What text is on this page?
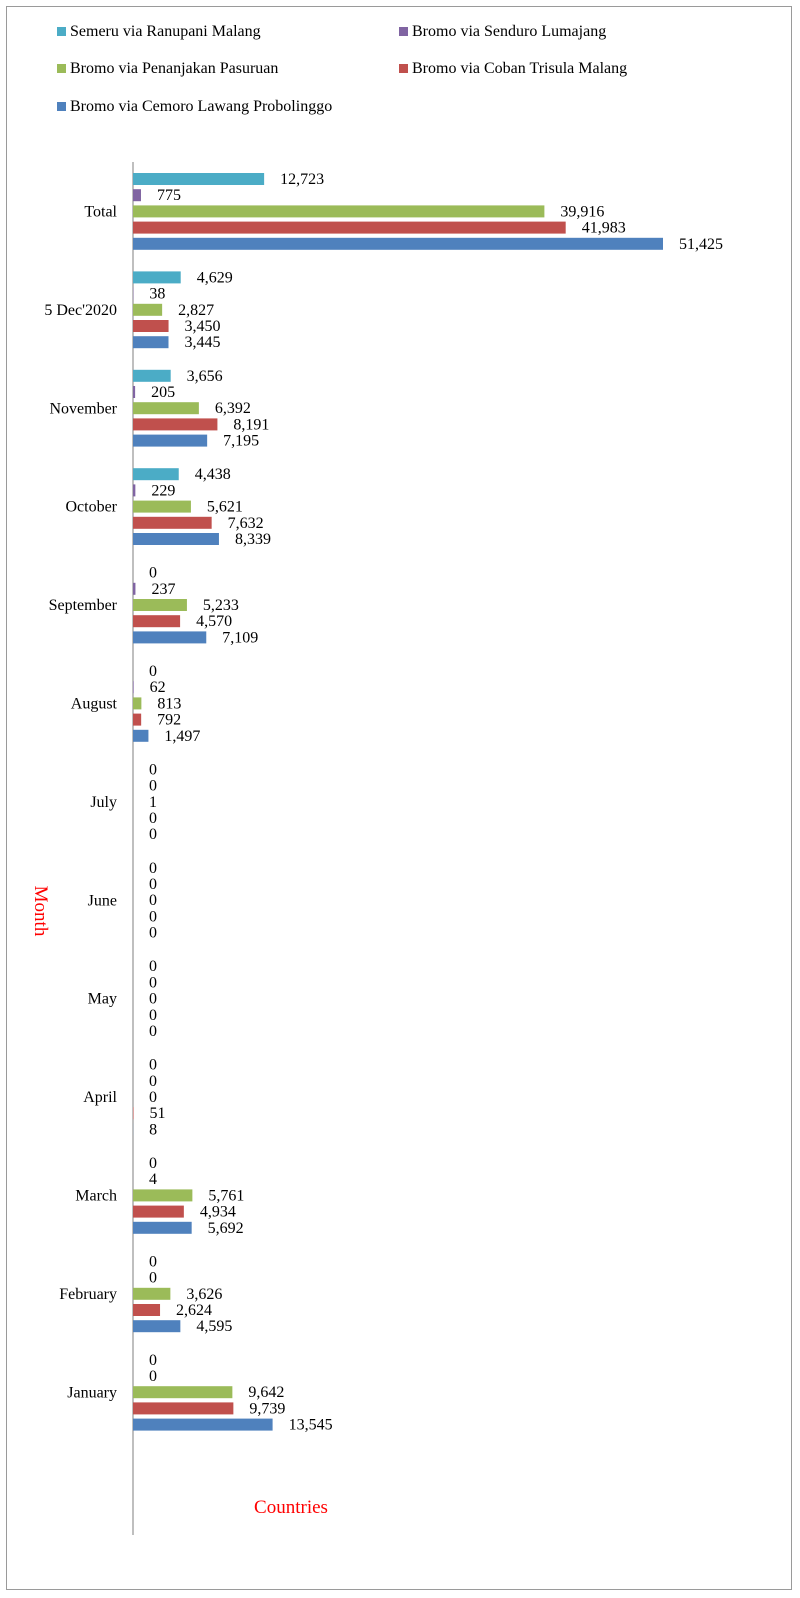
Semeru via Ranupani Malang	Bromo via Senduro Lumajang
Bromo via Penanjakan Pasuruan	Bromo via Coban Trisula Malang
Bromo via Cemoro Lawang Probolinggo
Total
5 Dec'2020
November
October
September
August
July
June
May
April
March
February
January
12,723
775
39,916
41,983
51,425
4,629
38
2,827
3,450
3,445
3,656
205
6,392
8,191
7,195
4,438
229
5,621
7,632
8,339
0
237
5,233
4,570
7,109
0
62
813
792
1,497
0
0
1
0
0
0
0
0
0
0
0
0
0
0
0
0
0
0
51
8
0
4
5,761
4,934
5,692
0
0
3,626
2,624
4,595
0
0
9,642
9,739
13,545
Month
Countries
